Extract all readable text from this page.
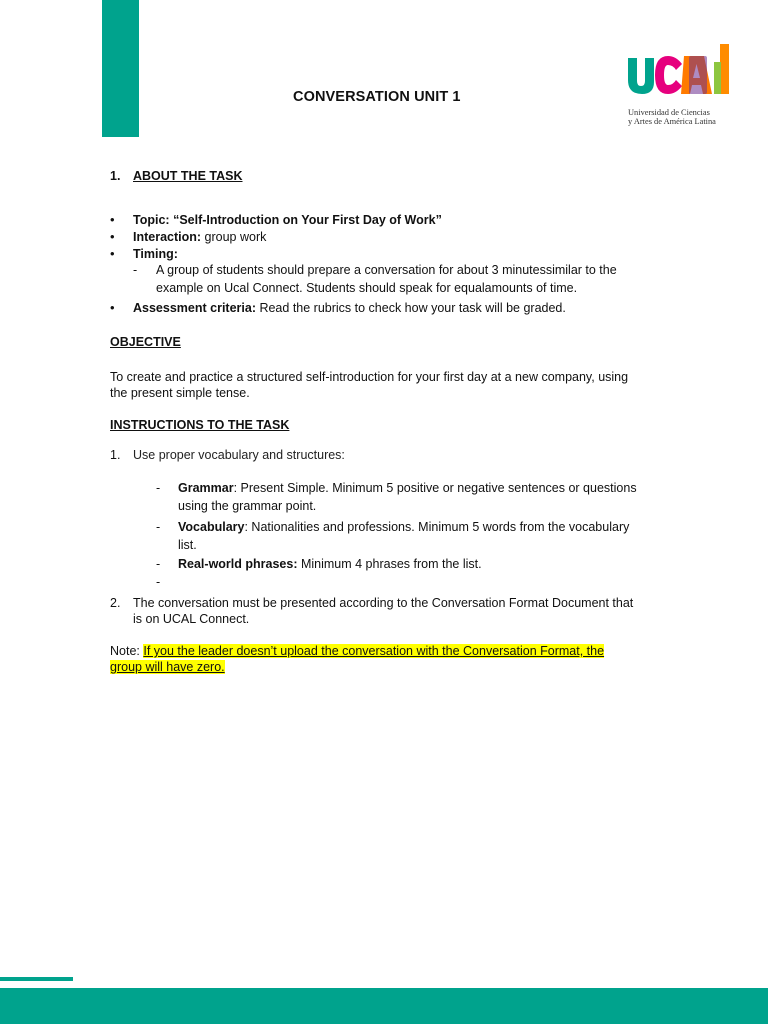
CONVERSATION UNIT 1
Universidad de Ciencias
y Artes de América Latina
1. ABOUT THE TASK
• Topic: “Self-Introduction on Your First Day of Work”
• Interaction: group work
• Timing:
- A group of students should prepare a conversation for about 3 minutessimilar to the
example on Ucal Connect. Students should speak for equalamounts of time.
• Assessment criteria: Read the rubrics to check how your task will be graded.
OBJECTIVE
To create and practice a structured self-introduction for your first day at a new company, using
the present simple tense.
INSTRUCTIONS TO THE TASK
1. Use proper vocabulary and structures:
- Grammar: Present Simple. Minimum 5 positive or negative sentences or questions
using the grammar point.
- Vocabulary: Nationalities and professions. Minimum 5 words from the vocabulary
list.
- Real-world phrases: Minimum 4 phrases from the list.
-
2. The conversation must be presented according to the Conversation Format Document that
is on UCAL Connect.
Note: If you the leader doesn’t upload the conversation with the Conversation Format, the
group will have zero.
